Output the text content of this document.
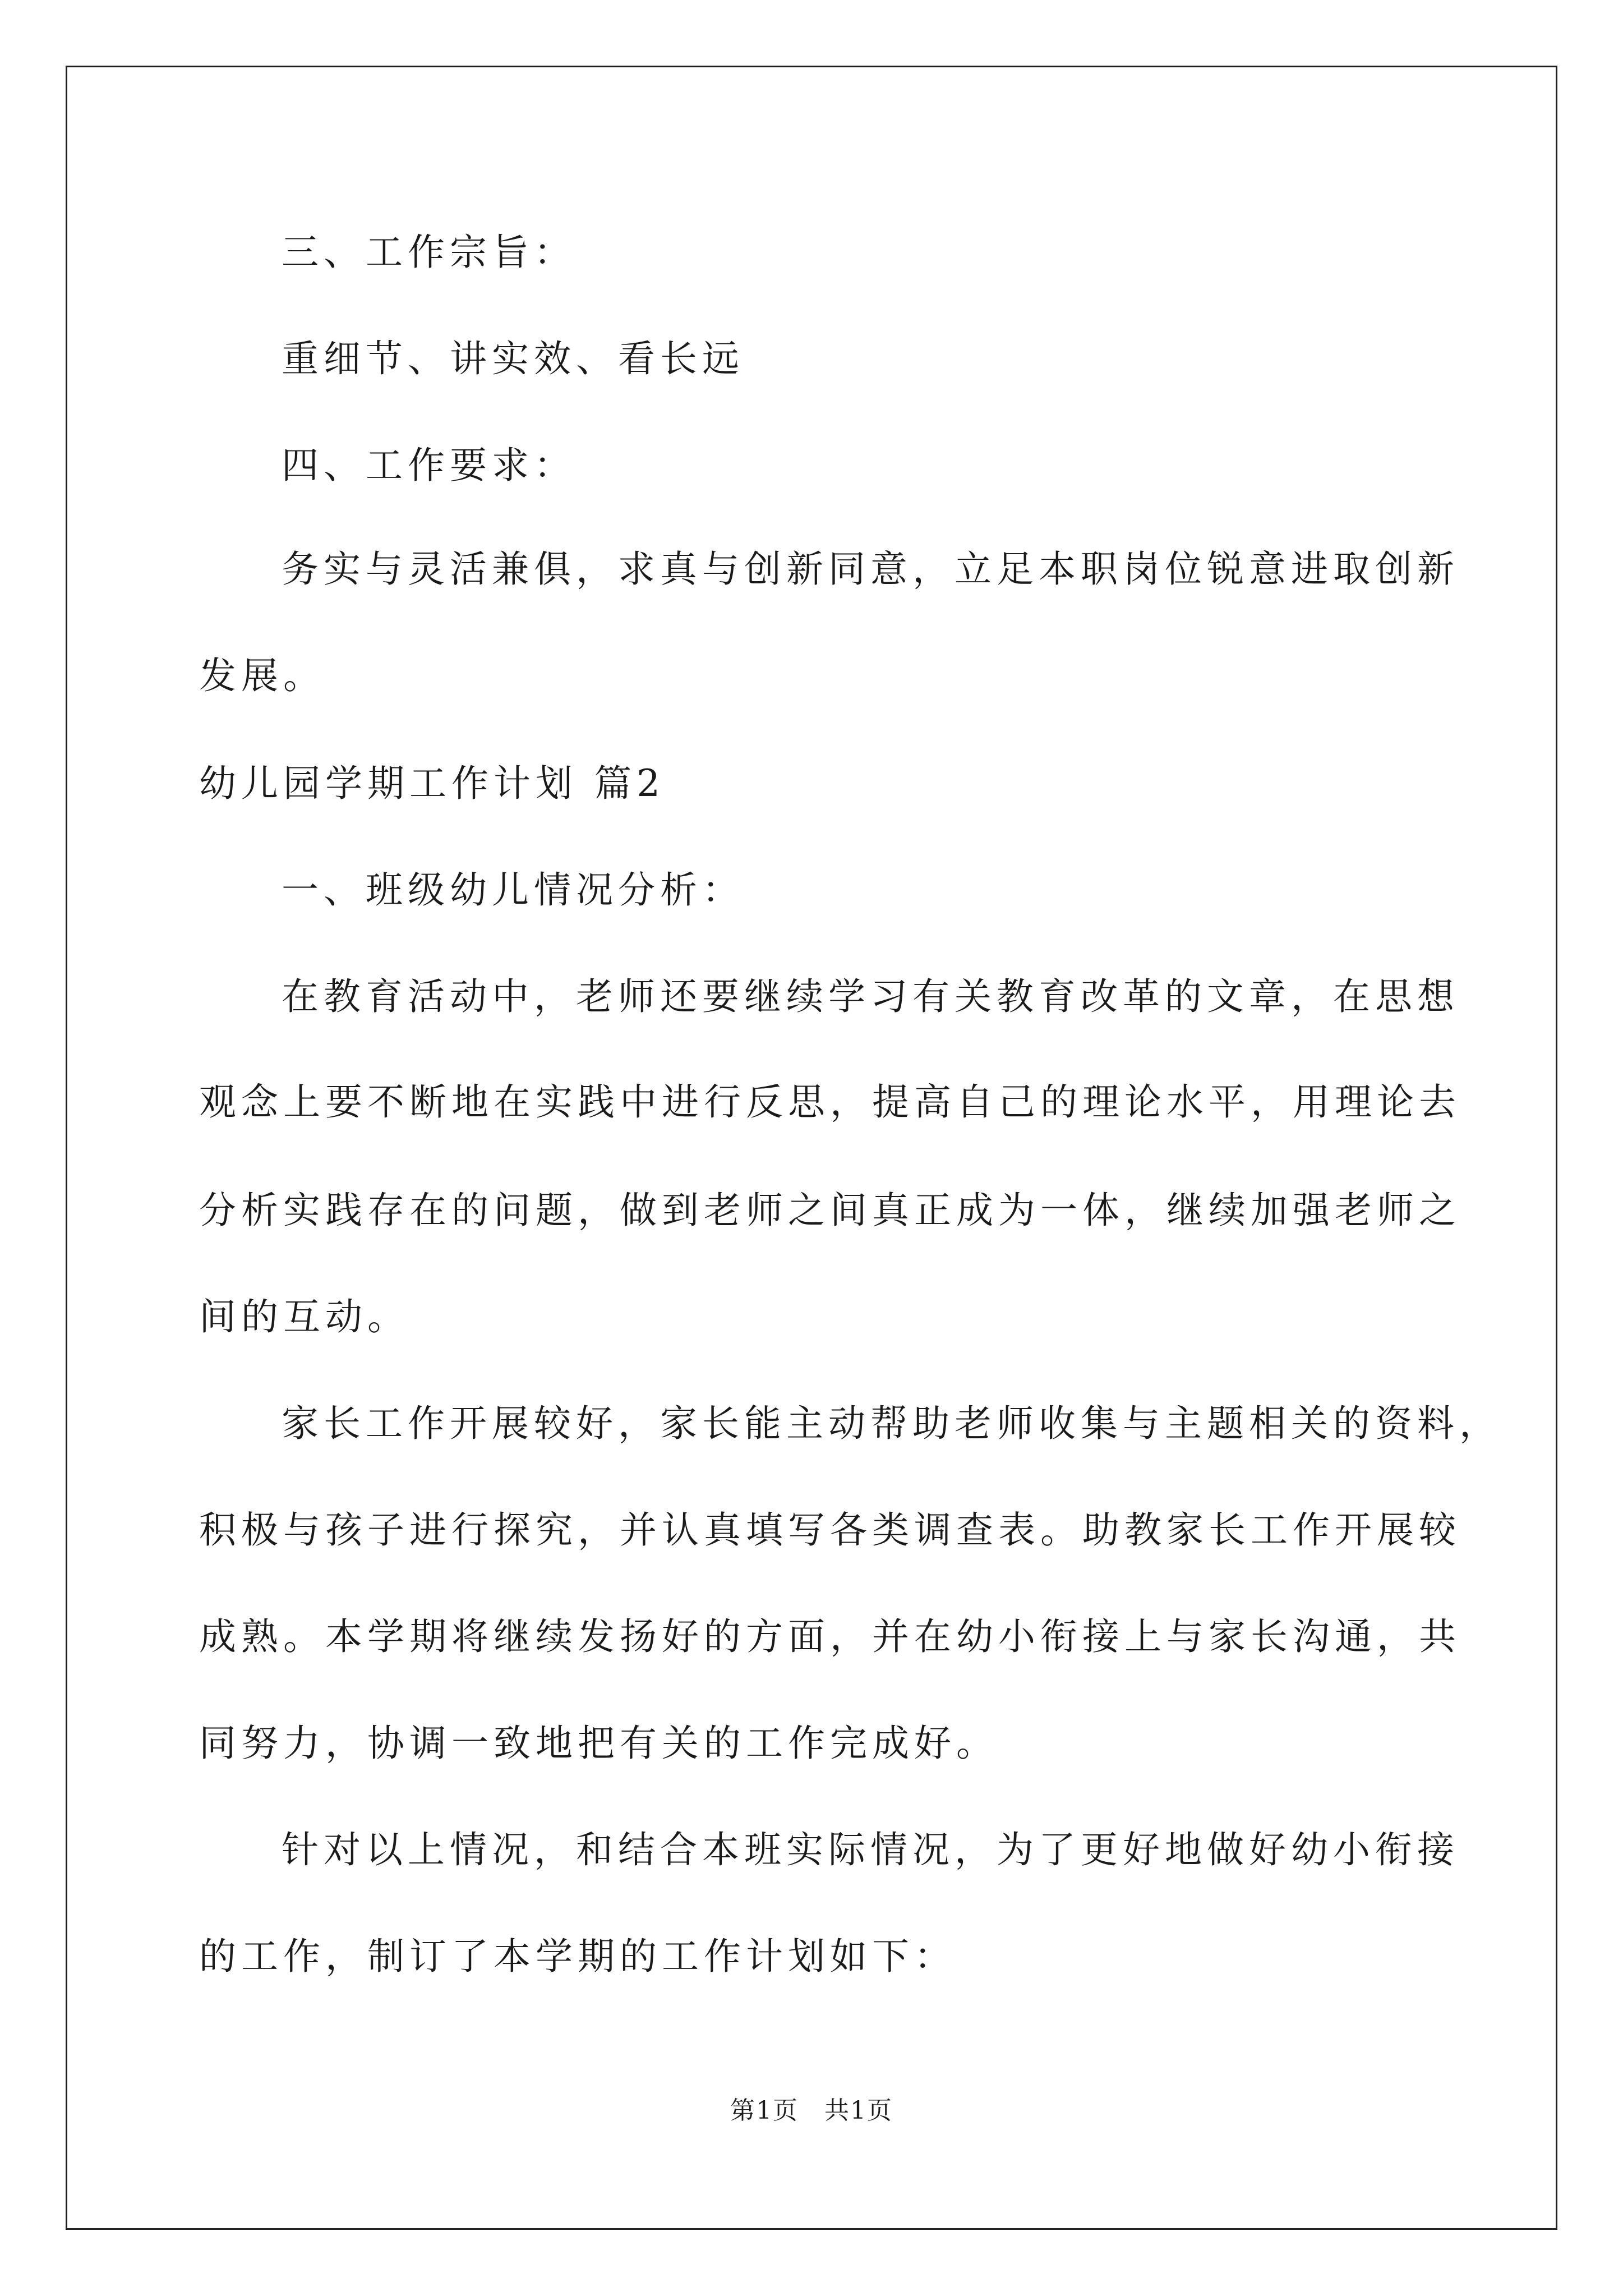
三、工作宗旨：
重细节、讲实效、看长远
四、工作要求：
务实与灵活兼俱，求真与创新同意，立足本职岗位锐意进取创新
发展。
幼儿园学期工作计划 篇2
一、班级幼儿情况分析：
在教育活动中，老师还要继续学习有关教育改革的文章，在思想
观念上要不断地在实践中进行反思，提高自己的理论水平，用理论去
分析实践存在的问题，做到老师之间真正成为一体，继续加强老师之
间的互动。
家长工作开展较好，家长能主动帮助老师收集与主题相关的资料，
积极与孩子进行探究，并认真填写各类调查表。助教家长工作开展较
成熟。本学期将继续发扬好的方面，并在幼小衔接上与家长沟通，共
同努力，协调一致地把有关的工作完成好。
针对以上情况，和结合本班实际情况，为了更好地做好幼小衔接
的工作，制订了本学期的工作计划如下：
第1页　共1页
